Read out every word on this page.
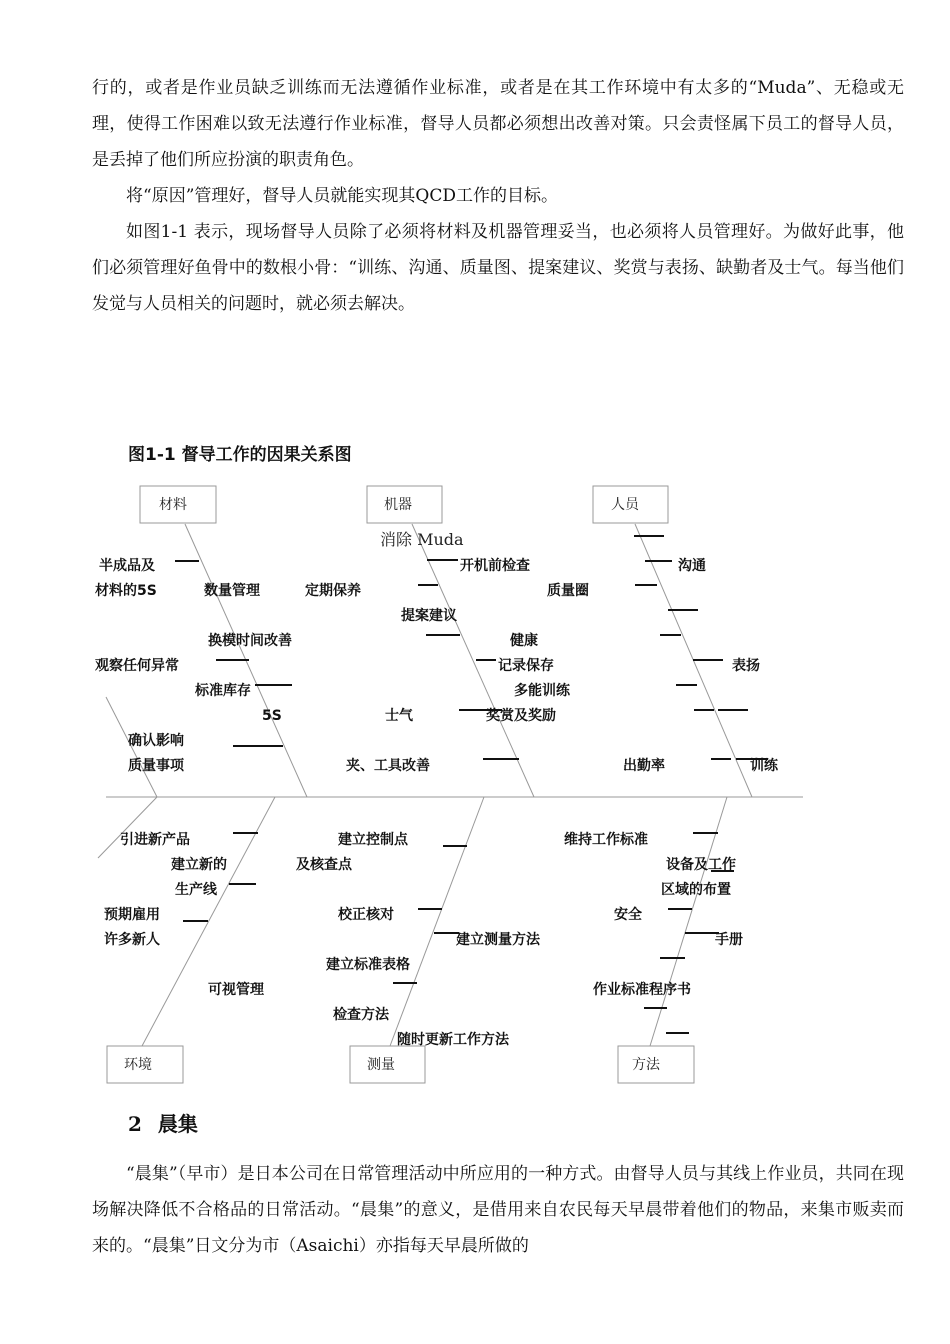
行的，或者是作业员缺乏训练而无法遵循作业标准，或者是在其工作环境中有太多的“Muda”、无稳或无理，使得工作困难以致无法遵行作业标准，督导人员都必须想出改善对策。只会责怪属下员工的督导人员，是丢掉了他们所应扮演的职责角色。

将“原因”管理好，督导人员就能实现其QCD工作的目标。

如图1-1 表示，现场督导人员除了必须将材料及机器管理妥当，也必须将人员管理好。为做好此事，他们必须管理好鱼骨中的数根小骨：“训练、沟通、质量图、提案建议、奖赏与表扬、缺勤者及士气。每当他们发觉与人员相关的问题时，就必须去解决。

图1-1 督导工作的因果关系图
材料	机器	人员
环境	测量	方法
消除 Muda
半成品及
材料的5S	数量管理	定期保养
开机前检查	沟通
质量圈
提案建议
换模时间改善	健康
观察任何异常	记录保存	表扬
标准库存	多能训练
5S	士气	奖赏及奖励
确认影响
质量事项	夹、工具改善	出勤率	训练
引进新产品
建立新的
生产线
建立控制点
及核查点
维持工作标准
设备及工作
区域的布置
预期雇用
许多新人
校正核对
建立测量方法
安全
手册
建立标准表格
可视管理	作业标准程序书
检查方法
随时更新工作方法
2 晨集

“晨集”（早市）是日本公司在日常管理活动中所应用的一种方式。由督导人员与其线上作业员，共同在现场解决降低不合格品的日常活动。“晨集”的意义，是借用来自农民每天早晨带着他们的物品，来集市贩卖而来的。“晨集”日文分为市（Asaichi）亦指每天早晨所做的
